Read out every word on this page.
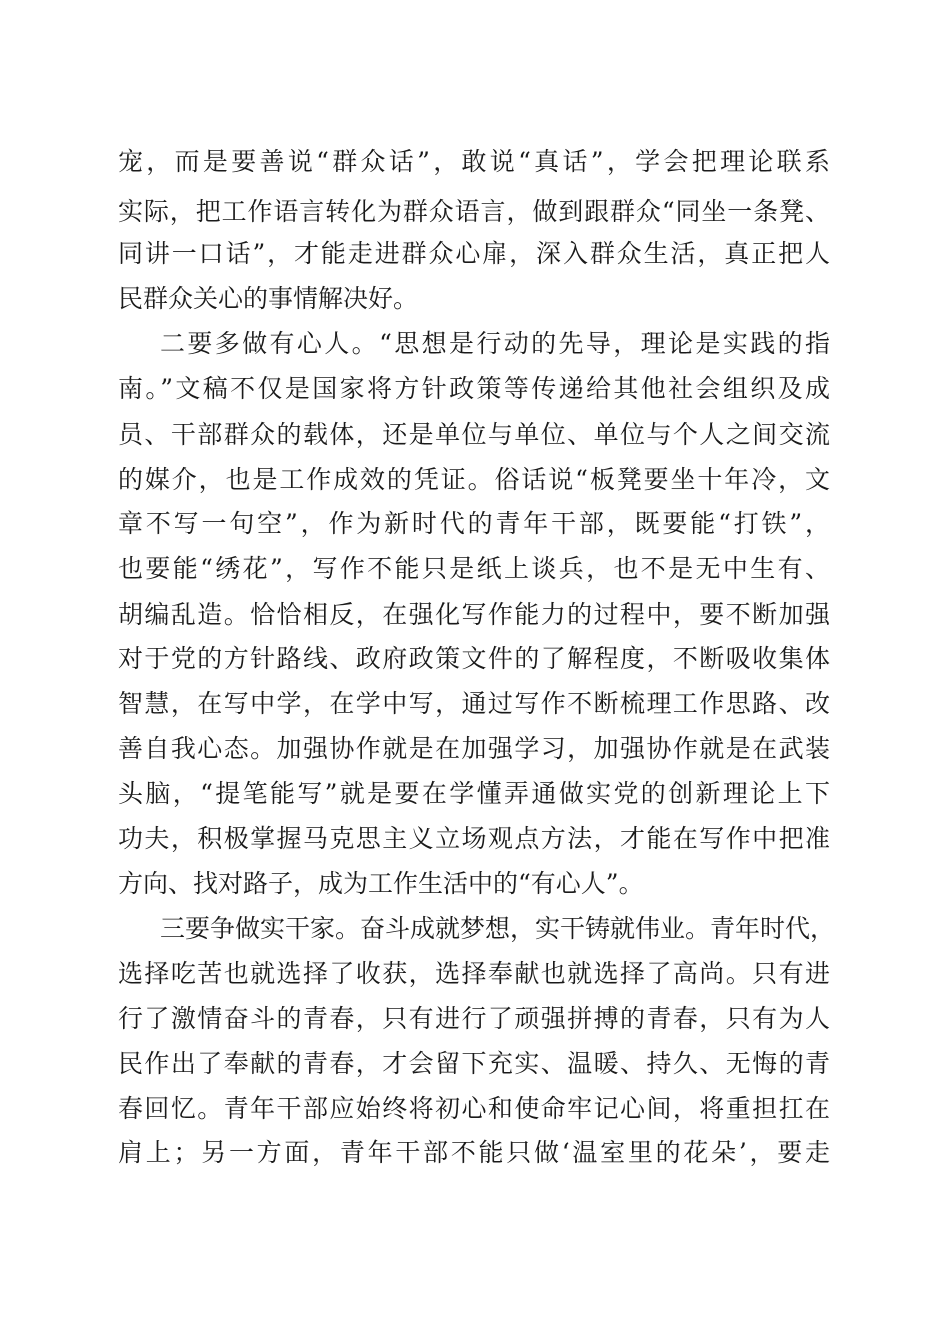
宠，而是要善说“群众话”，敢说“真话”，学会把理论联系
实际，把工作语言转化为群众语言，做到跟群众“同坐一条凳、
同讲一口话”，才能走进群众心扉，深入群众生活，真正把人
民群众关心的事情解决好。
二要多做有心人。“思想是行动的先导，理论是实践的指
南。”文稿不仅是国家将方针政策等传递给其他社会组织及成
员、干部群众的载体，还是单位与单位、单位与个人之间交流
的媒介，也是工作成效的凭证。俗话说“板凳要坐十年冷，文
章不写一句空”，作为新时代的青年干部，既要能“打铁”，
也要能“绣花”，写作不能只是纸上谈兵，也不是无中生有、
胡编乱造。恰恰相反，在强化写作能力的过程中，要不断加强
对于党的方针路线、政府政策文件的了解程度，不断吸收集体
智慧，在写中学，在学中写，通过写作不断梳理工作思路、改
善自我心态。加强协作就是在加强学习，加强协作就是在武装
头脑，“提笔能写”就是要在学懂弄通做实党的创新理论上下
功夫，积极掌握马克思主义立场观点方法，才能在写作中把准
方向、找对路子，成为工作生活中的“有心人”。
三要争做实干家。奋斗成就梦想，实干铸就伟业。青年时代，
选择吃苦也就选择了收获，选择奉献也就选择了高尚。只有进
行了激情奋斗的青春，只有进行了顽强拼搏的青春，只有为人
民作出了奉献的青春，才会留下充实、温暖、持久、无悔的青
春回忆。青年干部应始终将初心和使命牢记心间，将重担扛在
肩上；另一方面，青年干部不能只做‘温室里的花朵’，要走
